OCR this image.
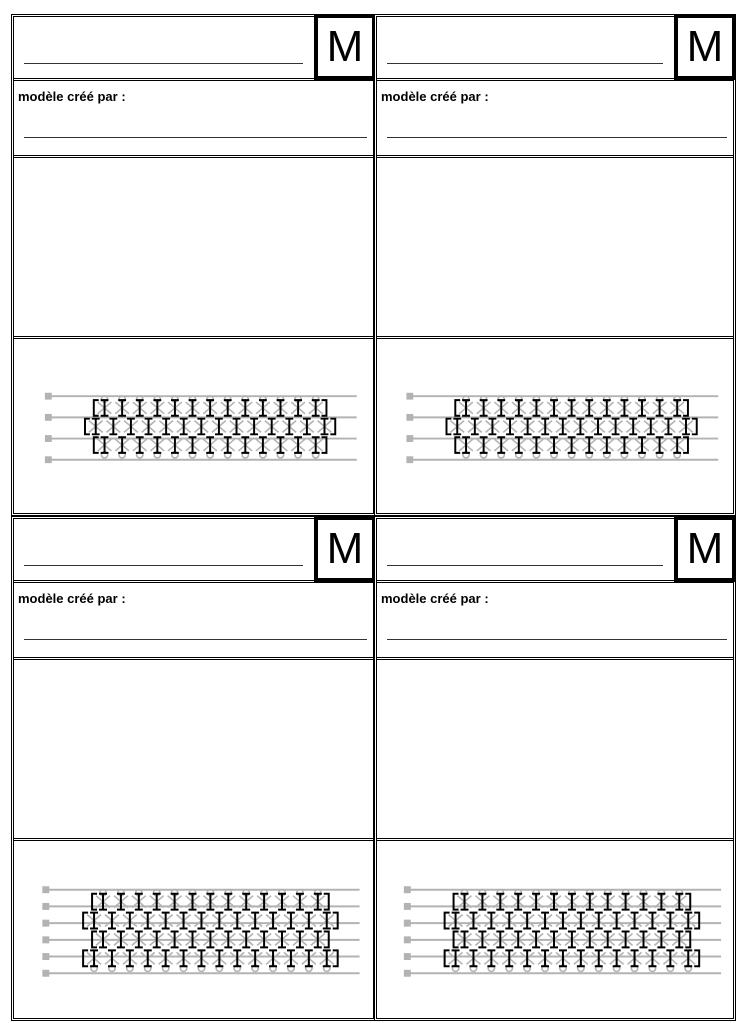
M
modèle créé par :
M
modèle créé par :
M
modèle créé par :
M
modèle créé par :
